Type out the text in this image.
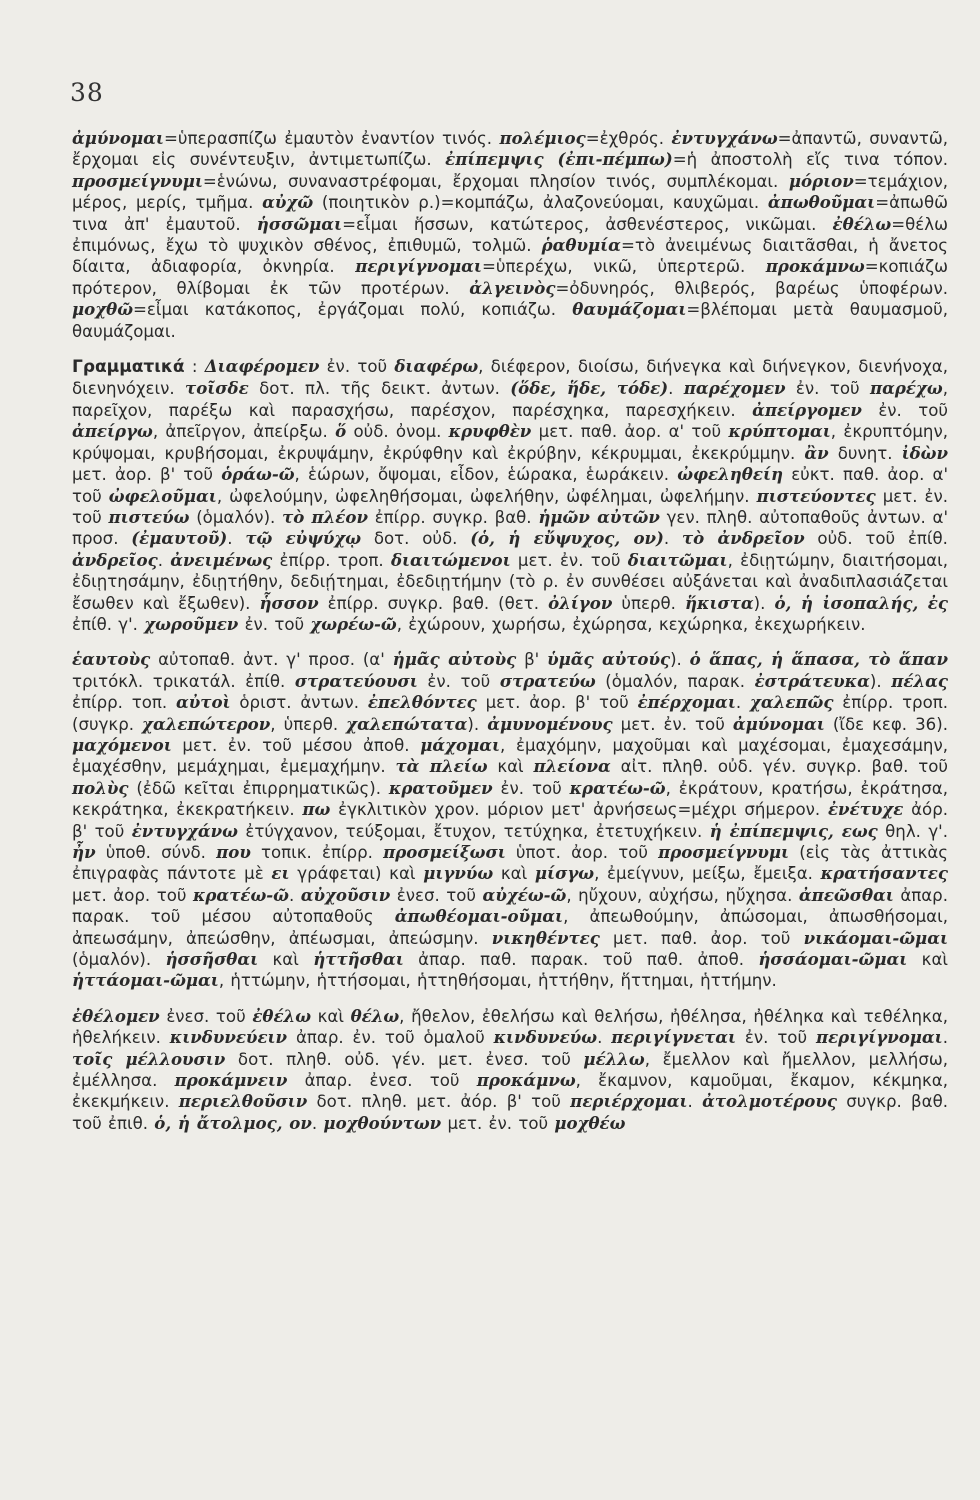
38

ἀμύνομαι=ὑπερασπίζω ἐμαυτὸν ἐναντίον τινός. πολέμιος=ἐχθρός. ἐντυγχάνω=ἀπαντῶ, συναντῶ, ἔρχομαι εἰς συνέντευξιν, ἀντιμετωπίζω. ἐπίπεμψις (ἐπι-πέμπω)=ἡ ἀποστολὴ εἴς τινα τόπον. προσμείγνυμι=ἑνώνω, συναναστρέφομαι, ἔρχομαι πλησίον τινός, συμπλέκομαι. μόριον=τεμάχιον, μέρος, μερίς, τμῆμα. αὐχῶ (ποιητικὸν ρ.)=κομπάζω, ἀλαζονεύομαι, καυχῶμαι. ἀπωθοῦμαι=ἀπωθῶ τινα ἀπ' ἐμαυτοῦ. ἡσσῶμαι=εἶμαι ἥσσων, κατώτερος, ἀσθενέστερος, νικῶμαι. ἐθέλω=θέλω ἐπιμόνως, ἔχω τὸ ψυχικὸν σθένος, ἐπιθυμῶ, τολμῶ. ῥαθυμία=τὸ ἀνειμένως διαιτᾶσθαι, ἡ ἄνετος δίαιτα, ἀδιαφορία, ὀκνηρία. περιγίγνομαι=ὑπερέχω, νικῶ, ὑπερτερῶ. προκάμνω=κοπιάζω πρότερον, θλίβομαι ἐκ τῶν προτέρων. ἀλγεινὸς=ὀδυνηρός, θλιβερός, βαρέως ὑποφέρων. μοχθῶ=εἶμαι κατάκοπος, ἐργάζομαι πολύ, κοπιάζω. θαυμάζομαι=βλέπομαι μετὰ θαυμασμοῦ, θαυμάζομαι.

Γραμματικά : Διαφέρομεν ἐν. τοῦ διαφέρω, διέφερον, διοίσω, διήνεγκα καὶ διήνεγκον, διενήνοχα, διενηνόχειν. τοῖσδε δοτ. πλ. τῆς δεικτ. ἀντων. (ὅδε, ἥδε, τόδε). παρέχομεν ἐν. τοῦ παρέχω, παρεῖχον, παρέξω καὶ παρασχήσω, παρέσχον, παρέσχηκα, παρεσχήκειν. ἀπείργομεν ἐν. τοῦ ἀπείργω, ἀπεῖργον, ἀπείρξω. ὅ οὐδ. ὀνομ. κρυφθὲν μετ. παθ. ἀορ. α' τοῦ κρύπτομαι, ἐκρυπτόμην, κρύψομαι, κρυβήσομαι, ἐκρυψάμην, ἐκρύφθην καὶ ἐκρύβην, κέκρυμμαι, ἐκεκρύμμην. ἂν δυνητ. ἰδὼν μετ. ἀορ. β' τοῦ ὁράω-ῶ, ἑώρων, ὄψομαι, εἶδον, ἑώρακα, ἑωράκειν. ὠφεληθείη εὐκτ. παθ. ἀορ. α' τοῦ ὠφελοῦμαι, ὠφελούμην, ὠφεληθήσομαι, ὠφελήθην, ὠφέλημαι, ὠφελήμην. πιστεύοντες μετ. ἐν. τοῦ πιστεύω (ὁμαλόν). τὸ πλέον ἐπίρρ. συγκρ. βαθ. ἡμῶν αὐτῶν γεν. πληθ. αὐτοπαθοῦς ἀντων. α' προσ. (ἐμαυτοῦ). τῷ εὐψύχῳ δοτ. οὐδ. (ὁ, ἡ εὔψυχος, ον). τὸ ἀνδρεῖον οὐδ. τοῦ ἐπίθ. ἀνδρεῖος. ἀνειμένως ἐπίρρ. τροπ. διαιτώμενοι μετ. ἐν. τοῦ διαιτῶμαι, ἐδιῃτώμην, διαιτήσομαι, ἐδιῃτησάμην, ἐδιῃτήθην, δεδιῄτημαι, ἐδεδιῃτήμην (τὸ ρ. ἐν συνθέσει αὐξάνεται καὶ ἀναδιπλασιάζεται ἔσωθεν καὶ ἔξωθεν). ἧσσον ἐπίρρ. συγκρ. βαθ. (θετ. ὀλίγον ὑπερθ. ἥκιστα). ὁ, ἡ ἰσοπαλής, ἐς ἐπίθ. γ'. χωροῦμεν ἐν. τοῦ χωρέω-ῶ, ἐχώρουν, χωρήσω, ἐχώρησα, κεχώρηκα, ἐκεχωρήκειν.

ἑαυτοὺς αὐτοπαθ. ἀντ. γ' προσ. (α' ἡμᾶς αὐτοὺς β' ὑμᾶς αὐτούς). ὁ ἅπας, ἡ ἅπασα, τὸ ἅπαν τριτόκλ. τρικατάλ. ἐπίθ. στρατεύουσι ἐν. τοῦ στρατεύω (ὁμαλόν, παρακ. ἐστράτευκα). πέλας ἐπίρρ. τοπ. αὐτοὶ ὁριστ. ἀντων. ἐπελθόντες μετ. ἀορ. β' τοῦ ἐπέρχομαι. χαλεπῶς ἐπίρρ. τροπ. (συγκρ. χαλεπώτερον, ὑπερθ. χαλεπώτατα). ἀμυνομένους μετ. ἐν. τοῦ ἀμύνομαι (ἴδε κεφ. 36). μαχόμενοι μετ. ἐν. τοῦ μέσου ἀποθ. μάχομαι, ἐμαχόμην, μαχοῦμαι καὶ μαχέσομαι, ἐμαχεσάμην, ἐμαχέσθην, μεμάχημαι, ἐμεμαχήμην. τὰ πλείω καὶ πλείονα αἰτ. πληθ. οὐδ. γέν. συγκρ. βαθ. τοῦ πολὺς (ἐδῶ κεῖται ἐπιρρηματικῶς). κρατοῦμεν ἐν. τοῦ κρατέω-ῶ, ἐκράτουν, κρατήσω, ἐκράτησα, κεκράτηκα, ἐκεκρατήκειν. πω ἐγκλιτικὸν χρον. μόριον μετ' ἀρνήσεως=μέχρι σήμερον. ἐνέτυχε ἀόρ. β' τοῦ ἐντυγχάνω ἐτύγχανον, τεύξομαι, ἔτυχον, τετύχηκα, ἐτετυχήκειν. ἡ ἐπίπεμψις, εως θηλ. γ'. ἦν ὑποθ. σύνδ. που τοπικ. ἐπίρρ. προσμείξωσι ὑποτ. ἀορ. τοῦ προσμείγνυμι (εἰς τὰς ἀττικὰς ἐπιγραφὰς πάντοτε μὲ ει γράφεται) καὶ μιγνύω καὶ μίσγω, ἐμείγνυν, μείξω, ἔμειξα. κρατήσαντες μετ. ἀορ. τοῦ κρατέω-ῶ. αὐχοῦσιν ἐνεσ. τοῦ αὐχέω-ῶ, ηὔχουν, αὐχήσω, ηὔχησα. ἀπεῶσθαι ἀπαρ. παρακ. τοῦ μέσου αὐτοπαθοῦς ἀπωθέομαι-οῦμαι, ἀπεωθούμην, ἀπώσομαι, ἀπωσθήσομαι, ἀπεωσάμην, ἀπεώσθην, ἀπέωσμαι, ἀπεώσμην. νικηθέντες μετ. παθ. ἀορ. τοῦ νικάομαι-ῶμαι (ὁμαλόν). ἡσσῆσθαι καὶ ἡττῆσθαι ἀπαρ. παθ. παρακ. τοῦ παθ. ἀποθ. ἡσσάομαι-ῶμαι καὶ ἡττάομαι-ῶμαι, ἡττώμην, ἡττήσομαι, ἡττηθήσομαι, ἡττήθην, ἥττημαι, ἡττήμην.

ἐθέλομεν ἐνεσ. τοῦ ἐθέλω καὶ θέλω, ἤθελον, ἐθελήσω καὶ θελήσω, ἠθέλησα, ἠθέληκα καὶ τεθέληκα, ἠθελήκειν. κινδυνεύειν ἀπαρ. ἐν. τοῦ ὁμαλοῦ κινδυνεύω. περιγίγνεται ἐν. τοῦ περιγίγνομαι. τοῖς μέλλουσιν δοτ. πληθ. οὐδ. γέν. μετ. ἐνεσ. τοῦ μέλλω, ἔμελλον καὶ ἤμελλον, μελλήσω, ἐμέλλησα. προκάμνειν ἀπαρ. ἐνεσ. τοῦ προκάμνω, ἔκαμνον, καμοῦμαι, ἔκαμον, κέκμηκα, ἐκεκμήκειν. περιελθοῦσιν δοτ. πληθ. μετ. ἀόρ. β' τοῦ περιέρχομαι. ἀτολμοτέρους συγκρ. βαθ. τοῦ ἐπιθ. ὁ, ἡ ἄτολμος, ον. μοχθούντων μετ. ἐν. τοῦ μοχθέω
